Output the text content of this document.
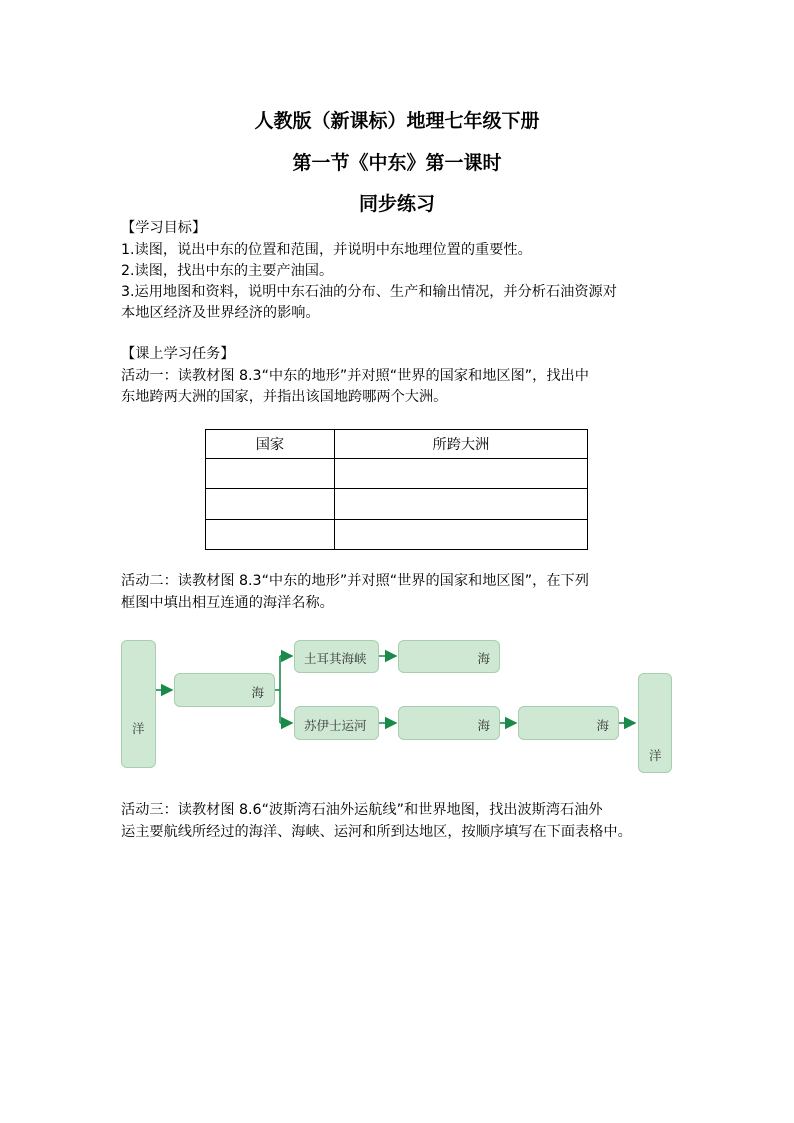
人教版（新课标）地理七年级下册
第一节《中东》第一课时
同步练习
【学习目标】
1.读图，说出中东的位置和范围，并说明中东地理位置的重要性。
2.读图，找出中东的主要产油国。
3.运用地图和资料，说明中东石油的分布、生产和输出情况，并分析石油资源对
本地区经济及世界经济的影响。
【课上学习任务】
活动一：读教材图 8.3“中东的地形”并对照“世界的国家和地区图”，找出中
东地跨两大洲的国家，并指出该国地跨哪两个大洲。
国家	所跨大洲

活动二：读教材图 8.3“中东的地形”并对照“世界的国家和地区图”，在下列
框图中填出相互连通的海洋名称。
洋
海
土耳其海峡	海
苏伊士运河	海	海
洋
活动三：读教材图 8.6“波斯湾石油外运航线”和世界地图，找出波斯湾石油外
运主要航线所经过的海洋、海峡、运河和所到达地区，按顺序填写在下面表格中。
